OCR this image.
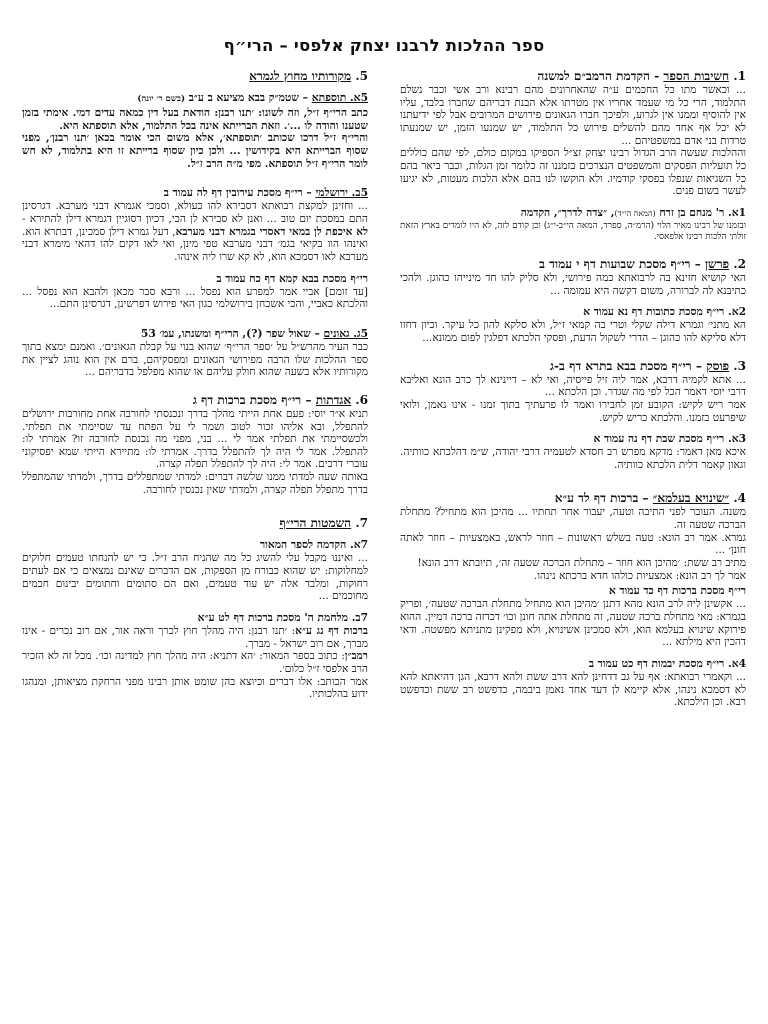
ספר ההלכות לרבנו יצחק אלפסי – הרי״ף
1. חשיבות הספר - הקדמת הרמב״ם למשנה

... וכאשר מתו כל החכמים ע״ה שהאחרונים מהם רבינא ורב אשי וכבר נשלם התלמוד, הרי כל מי שעמד אחריו אין מטרתו אלא הבנת דבריהם שחברו בלבד, עליו אין להוסיף וממנו אין לגרוע, ולפיכך חברו הגאונים פירושים המרובים אבל לפי ידיעתנו לא יכל אף אחד מהם להשלים פירוש כל התלמוד, יש שמנעו הזמן, יש שמנעתו טרדות בני אדם במשפטיהם ...

וההלכות שעשה הרב הגדול רבינו יצחק זצ״ל הספיקו במקום כולם, לפי שהם כוללים כל תועליות הפסקים והמשפטים הנצרכים בזמננו זה כלומר זמן הגלות, וכבר ביאר בהם כל השגיאות שנפלו בפסקי קודמיו. ולא הוקשו לנו בהם אלא הלכות מעטות, לא יגיעו לעשר בשום פנים.

1א. ר' מנחם בן זרח (המאה הי״ד), ״צדה לדרך״, הקדמה

ובזמנו של רבינו מאיר הלוי (הרמ״ה, ספרד, המאה הי״ב-י״ג) וכן קודם לזה, לא היו לומדים בארץ הזאת זולתי הלכות רבינו אלפאסי.

2. פרשן – רי״ף מסכת שבועות דף י עמוד ב

האי קושיא חזינא בה לרבואתא כמה פירושי, ולא סליק להו חד מינייהו כהוגן. ולהכי כתיבנא לה לברורה, משום דקשה היא עמומה ...

2א. רי״ף מסכת כתובות דף נא עמוד א

הא מתני׳ וגמרא דילה שקלי וטרי בה קמאי ז״ל, ולא סלקא להון כל עיקר. וכיון דחזו דלא סליקא להו כהוגן – הדרי לשקול הדעת, ופסקי הלכתא דפלגין לפום ממונא...

3. פוסק – רי״ף מסכת בבא בתרא דף ב-ג

... אתא לקמיה דרבא, אמר ליה זיל פייסיה, ואי לא – דיינינא לך כרב הונא ואליבא דרבי יוסי דאמר הכל לפי מה שגדר. וכן הלכתא ...

אמר ריש לקיש: הקובע זמן לחבירו ואמר לו פרעתיך בתוך זמנו - אינו נאמן, ולואי שיפרעט בזמנו. והלכתא כריש לקיש.

3א. רי״ף מסכת שבת דף נה עמוד א

איכא מאן דאמר: מדקא מפרש רב חסדא לטעמיה דרבי יהודה, ש״מ דהלכתא כוותיה. וגאון קאמר דלית הלכתא כוותיה.

4. ״שינויא בעלמא״ – ברכות דף לד ע״א

משנה. העובר לפני התיבה וטעה, יעבור אחר תחתיו ... מהיכן הוא מתחיל? מתחלת הברכה שטעה זה.

גמרא. אמר רב הונא: טעה בשלש ראשונות – חוזר לראש, באמצעיות – חוזר לאתה חונן׳ ...

מתיב רב ששת: ׳מהיכן הוא חוזר – מתחלת הברכה שטעה זה׳, תיובתא דרב הונא!

אמר לך רב הונא: אמצעיות כולהו חדא ברכתא נינהו.

רי״ף מסכת ברכות דף כד עמוד א

... אקשינן ליה לרב הונא מהא דתנן ׳מהיכן הוא מתחיל מתחלת הברכה שטעה׳, ופריק בגמרא: מאי מתחלת ברכה שטעה, זה מתחלת אתה חונן וכו׳ דכדזה ברכה דמיין. ההוא פירוקא שינויא בעלמא הוא, ולא סמכינן אשינויא, ולא מפקינן מתניתא מפשטה. ודאי דהכין היא מילתא ...

4א. רי״ף מסכת יבמות דף כט עמוד ב

... וקאמרי רבואתא: אף על גב דדחינן להא דרב ששת ולהא דרבא, הגן דהיאתא להא לא דסמכא נינהו, אלא קיימא לן דעד אחד נאמן ביבמה, כדפשט רב ששת וכדפשט רבא. וכן הילכתא.

5. מקורותיו מחוץ לגמרא
5א. תוספתא – שטמ״ק בבא מציעא ב ע״ב (בשם ר׳ יונה)

כתב הרי״ף ז״ל, וזה לשונו: ׳תנו רבנן: הודאת בעל דין כמאה עדים דמי. אימתי בזמן שטענו והודה לו ...׳. וזאת הברייתא אינה בכל התלמוד, אלא תוספתא היא.

והרי״ף ז״ל דרכו שכותב ׳תוספתא׳, אלא משום הכי אומר בכאן ׳תנו רבנן׳, מפני שסוף הברייתא היא בקידושין ... ולכן כיון שסוף ברייתא זו היא בתלמוד, לא חש לומר הרי״ף ז״ל תוספתא. מפי מ״ה הרב ז״ל.

5ב. ירושלמי – רי״ף מסכת עירובין דף לה עמוד ב

... וחזינן למקצת רבואתא דסבירא להו כעולא, וסמכי אגמרא דבני מערבא. דגרסינן התם במסכת יום טוב ... ואנן לא סבירא לן הכי, דכיון דסוגיין דגמרא דילן להתירא - לא איכפת לן במאי דאסרי בגמרא דבני מערבא, דעל גמרא דילן סמכינן, דבתרא הוא. ואינהו הוו בקיאי בגמ׳ דבני מערבא טפי מינן, ואי לאו דקים להו דהאי מימרא דבני מערבא לאו דסמכא הוא, לא קא שרו ליה אינהו.

רי״ף מסכת בבא קמא דף כח עמוד ב

[עד זומם] אביי אמר למפרע הוא נפסל ... ורבא סבר מכאן ולהבא הוא נפסל ... והלכתא כאביי, והכי אשכחן בירושלמי כגון האי פירוש דפרשינן, דגרסינן התם...

5ג. גאונים – שאול שפר (?), הרי״ף ומשנתו, עמ׳ 53

כבר העיר מהרש״ל על ׳ספר הרי״ף׳ שהוא בנוי על קבלת הגאונים׳. ואמנם ימצא בתוך ספר ההלכות שלו הרבה מפירושי הגאונים ומפסקיהם, ברם אין הוא נוהג לציין את מקורותיו אלא בשעה שהוא חולק עליהם או שהוא מפלפל בדבריהם ...

6. אגדתות – רי״ף מסכת ברכות דף ג

תניא א״ר יוסי: פעם אחת הייתי מהלך בדרך ונכנסתי לחורבה אחת מחורבות ירושלים להתפלל, ובא אליהו זכור לטוב ושמר לי על הפתח עד שסיימתי את תפלתי. ולכשסיימתי את תפלתי אמר לי ... בני, מפני מה נכנסת לחורבה זו? אמרתי לו: להתפלל. אמר לי היה לך להתפלל בדרך. אמרתי לו: מתיירא הייתי שמא יפסיקוני עוברי דרכים. אמר לי: היה לך להתפלל תפלה קצרה.

באותה שעה למדתי ממנו שלשה דברים: למדתי שמתפללים בדרך, ולמדתי שהמתפלל בדרך מתפלל תפלה קצרה, ולמדתי שאין נכנסין לחורבה.

7. השמטות הרי״ף
7א. הקדמה לספר המאור

... ואיננו מקבל עלי להשיג כל מה שהניח הרב ז״ל. כי יש להנחתו טעמים חלוקים למחלוקות: יש שהוא כבורח מן הספקות, אם הדברים שאינם נמצאים כי אם לעתים רחוקות, ומלבד אלה יש עוד טעמים, ואם הם סתומים וחתומים יבינום חכמים מחוכמים ...

7ב. מלחמת ה' מסכת ברכות דף לט ע״א

ברכות דף נג ע״א: ׳תנו רבנן: היה מהלך חוץ לכרך וראה אור, אם רוב נכרים - אינו מברך, אם רוב ישראל - מברך.

רמב״ן: כתוב בספר המאור: ׳הא דתניא: היה מהלך חוץ למדינה וכו׳. מכל זה לא הזכיר הרב אלפסי ז״ל כלום׳.

אמר הכותב: אלו דברים וכיוצא בהן שומט אותן רבינו מפני הרחקת מציאותן, ומנהגו ידוע בהלכותיו.
